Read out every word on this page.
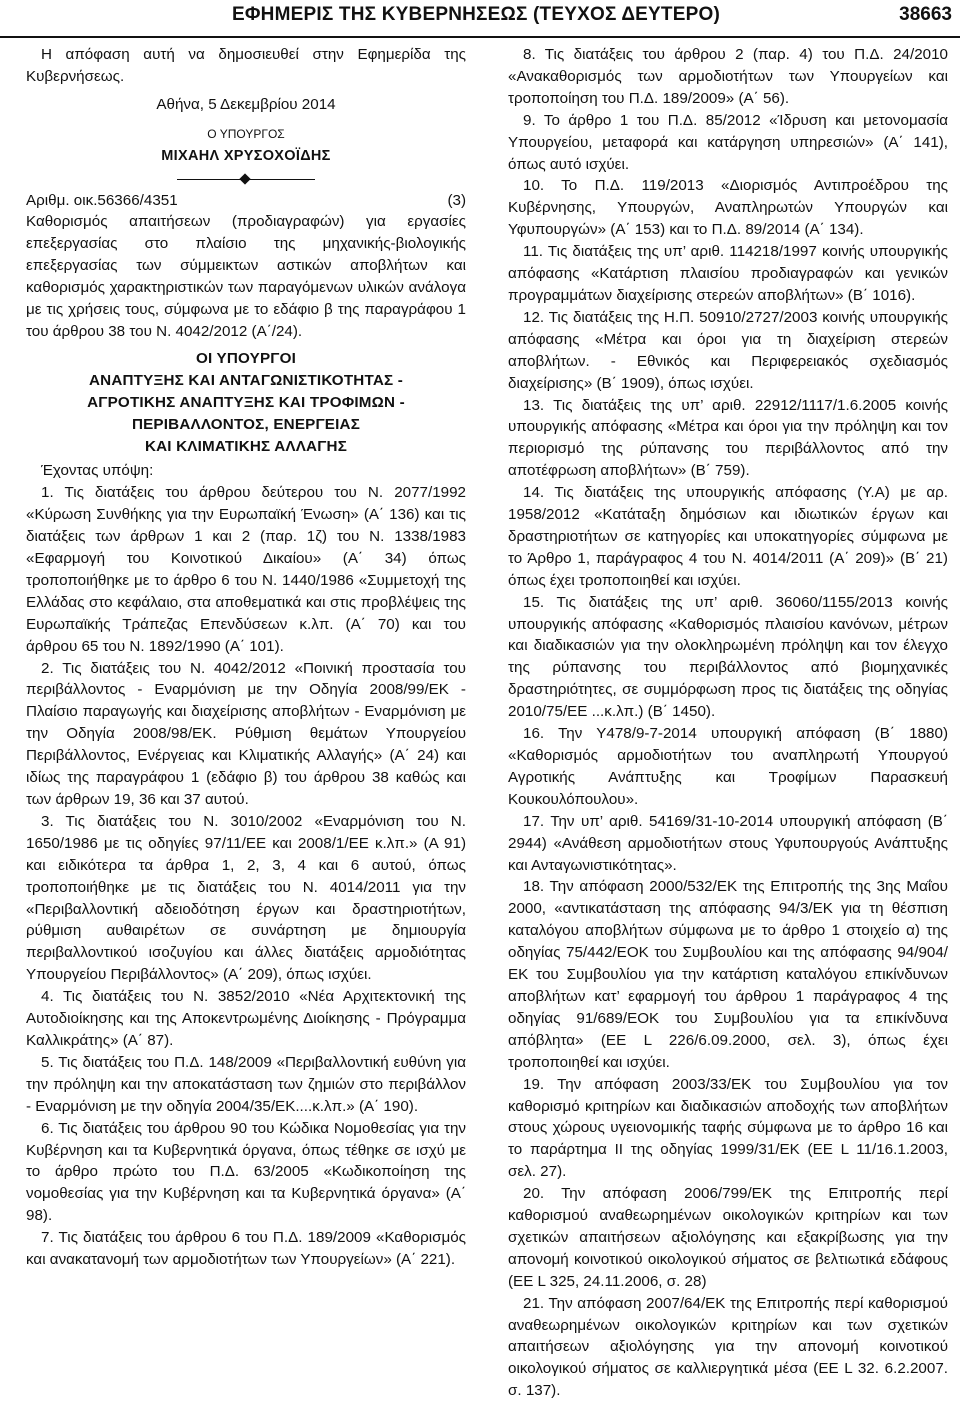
ΕΦΗΜΕΡΙΣ ΤΗΣ ΚΥΒΕΡΝΗΣΕΩΣ (ΤΕΥΧΟΣ ΔΕΥΤΕΡΟ)	38663

Η απόφαση αυτή να δημοσιευθεί στην Εφημερίδα της Κυβερνήσεως.

Αθήνα, 5 Δεκεμβρίου 2014

Ο ΥΠΟΥΡΓΟΣ

ΜΙΧΑΗΛ ΧΡΥΣΟΧΟΪΔΗΣ

Αριθμ. οικ.56366/4351	(3)

Καθορισμός απαιτήσεων (προδιαγραφών) για εργασίες επεξεργασίας στο πλαίσιο της μηχανικής-βιολογικής επεξεργασίας των σύμμεικτων αστικών αποβλήτων και καθορισμός χαρακτηριστικών των παραγόμενων υλικών ανάλογα με τις χρήσεις τους, σύμφωνα με το εδάφιο β της παραγράφου 1 του άρθρου 38 του Ν. 4042/2012 (Α΄/24).

ΟΙ ΥΠΟΥΡΓΟΙ
ΑΝΑΠΤΥΞΗΣ ΚΑΙ ΑΝΤΑΓΩΝΙΣΤΙΚΟΤΗΤΑΣ -
ΑΓΡΟΤΙΚΗΣ ΑΝΑΠΤΥΞΗΣ ΚΑΙ ΤΡΟΦΙΜΩΝ -
ΠΕΡΙΒΑΛΛΟΝΤΟΣ, ΕΝΕΡΓΕΙΑΣ
ΚΑΙ ΚΛΙΜΑΤΙΚΗΣ ΑΛΛΑΓΗΣ

Έχοντας υπόψη:

1. Τις διατάξεις του άρθρου δεύτερου του Ν. 2077/1992 «Κύρωση Συνθήκης για την Ευρωπαϊκή Ένωση» (Α΄ 136) και τις διατάξεις των άρθρων 1 και 2 (παρ. 1ζ) του Ν. 1338/1983 «Εφαρμογή του Κοινοτικού Δικαίου» (Α΄ 34) όπως τροποποιήθηκε με το άρθρο 6 του Ν. 1440/1986 «Συμμετοχή της Ελλάδας στο κεφάλαιο, στα αποθεματικά και στις προβλέψεις της Ευρωπαϊκής Τράπεζας Επενδύσεων κ.λπ. (Α΄ 70) και του άρθρου 65 του Ν. 1892/1990 (Α΄ 101).

2. Τις διατάξεις του Ν. 4042/2012 «Ποινική προστασία του περιβάλλοντος - Εναρμόνιση με την Οδηγία 2008/99/ΕΚ - Πλαίσιο παραγωγής και διαχείρισης αποβλήτων - Εναρμόνιση με την Οδηγία 2008/98/ΕΚ. Ρύθμιση θεμάτων Υπουργείου Περιβάλλοντος, Ενέργειας και Κλιματικής Αλλαγής» (Α΄ 24) και ιδίως της παραγράφου 1 (εδάφιο β) του άρθρου 38 καθώς και των άρθρων 19, 36 και 37 αυτού.

3. Τις διατάξεις του Ν. 3010/2002 «Εναρμόνιση του Ν. 1650/1986 με τις οδηγίες 97/11/ΕΕ και 2008/1/ΕΕ κ.λπ.» (Α 91) και ειδικότερα τα άρθρα 1, 2, 3, 4 και 6 αυτού, όπως τροποποιήθηκε με τις διατάξεις του Ν. 4014/2011 για την «Περιβαλλοντική αδειοδότηση έργων και δραστηριοτήτων, ρύθμιση αυθαιρέτων σε συνάρτηση με δημιουργία περιβαλλοντικού ισοζυγίου και άλλες διατάξεις αρμοδιότητας Υπουργείου Περιβάλλοντος» (Α΄ 209), όπως ισχύει.

4. Τις διατάξεις του Ν. 3852/2010 «Νέα Αρχιτεκτονική της Αυτοδιοίκησης και της Αποκεντρωμένης Διοίκησης - Πρόγραμμα Καλλικράτης» (Α΄ 87).

5. Τις διατάξεις του Π.Δ. 148/2009 «Περιβαλλοντική ευθύνη για την πρόληψη και την αποκατάσταση των ζημιών στο περιβάλλον - Εναρμόνιση με την οδηγία 2004/35/ΕΚ....κ.λπ.» (Α΄ 190).

6. Τις διατάξεις του άρθρου 90 του Κώδικα Νομοθεσίας για την Κυβέρνηση και τα Κυβερνητικά όργανα, όπως τέθηκε σε ισχύ με το άρθρο πρώτο του Π.Δ. 63/2005 «Κωδικοποίηση της νομοθεσίας για την Κυβέρνηση και τα Κυβερνητικά όργανα» (Α΄ 98).

7. Τις διατάξεις του άρθρου 6 του Π.Δ. 189/2009 «Καθορισμός και ανακατανομή των αρμοδιοτήτων των Υπουργείων» (Α΄ 221).

8. Τις διατάξεις του άρθρου 2 (παρ. 4) του Π.Δ. 24/2010 «Ανακαθορισμός των αρμοδιοτήτων των Υπουργείων και τροποποίηση του Π.Δ. 189/2009» (Α΄ 56).

9. Το άρθρο 1 του Π.Δ. 85/2012 «Ίδρυση και μετονομασία Υπουργείου, μεταφορά και κατάργηση υπηρεσιών» (Α΄ 141), όπως αυτό ισχύει.

10. Το Π.Δ. 119/2013 «Διορισμός Αντιπροέδρου της Κυβέρνησης, Υπουργών, Αναπληρωτών Υπουργών και Υφυπουργών» (Α΄ 153) και το Π.Δ. 89/2014 (Α΄ 134).

11. Τις διατάξεις της υπ’ αριθ. 114218/1997 κοινής υπουργικής απόφασης «Κατάρτιση πλαισίου προδιαγραφών και γενικών προγραμμάτων διαχείρισης στερεών αποβλήτων» (Β΄ 1016).

12. Τις διατάξεις της Η.Π. 50910/2727/2003 κοινής υπουργικής απόφασης «Μέτρα και όροι για τη διαχείριση στερεών αποβλήτων. - Εθνικός και Περιφερειακός σχεδιασμός διαχείρισης» (Β΄ 1909), όπως ισχύει.

13. Τις διατάξεις της υπ’ αριθ. 22912/1117/1.6.2005 κοινής υπουργικής απόφασης «Μέτρα και όροι για την πρόληψη και τον περιορισμό της ρύπανσης του περιβάλλοντος από την αποτέφρωση αποβλήτων» (Β΄ 759).

14. Τις διατάξεις της υπουργικής απόφασης (Υ.Α) με αρ. 1958/2012 «Κατάταξη δημόσιων και ιδιωτικών έργων και δραστηριοτήτων σε κατηγορίες και υποκατηγορίες σύμφωνα με το Άρθρο 1, παράγραφος 4 του Ν. 4014/2011 (Α΄ 209)» (Β΄ 21) όπως έχει τροποποιηθεί και ισχύει.

15. Τις διατάξεις της υπ’ αριθ. 36060/1155/2013 κοινής υπουργικής απόφασης «Καθορισμός πλαισίου κανόνων, μέτρων και διαδικασιών για την ολοκληρωμένη πρόληψη και τον έλεγχο της ρύπανσης του περιβάλλοντος από βιομηχανικές δραστηριότητες, σε συμμόρφωση προς τις διατάξεις της οδηγίας 2010/75/ΕΕ ...κ.λπ.) (Β΄ 1450).

16. Την Υ478/9-7-2014 υπουργική απόφαση (Β΄ 1880) «Καθορισμός αρμοδιοτήτων του αναπληρωτή Υπουργού Αγροτικής Ανάπτυξης και Τροφίμων Παρασκευή Κουκουλόπουλου».

17. Την υπ’ αριθ. 54169/31-10-2014 υπουργική απόφαση (Β΄ 2944) «Ανάθεση αρμοδιοτήτων στους Υφυπουργούς Ανάπτυξης και Ανταγωνιστικότητας».

18. Την απόφαση 2000/532/ΕΚ της Επιτροπής της 3ης Μαΐου 2000, «αντικατάσταση της απόφασης 94/3/ΕΚ για τη θέσπιση καταλόγου αποβλήτων σύμφωνα με το άρθρο 1 στοιχείο α) της οδηγίας 75/442/ΕΟΚ του Συμβουλίου και της απόφασης 94/904/ΕΚ του Συμβουλίου για την κατάρτιση καταλόγου επικίνδυνων αποβλήτων κατ’ εφαρμογή του άρθρου 1 παράγραφος 4 της οδηγίας 91/689/ΕΟΚ του Συμβουλίου για τα επικίνδυνα απόβλητα» (ΕΕ L 226/6.09.2000, σελ. 3), όπως έχει τροποποιηθεί και ισχύει.

19. Την απόφαση 2003/33/ΕΚ του Συμβουλίου για τον καθορισμό κριτηρίων και διαδικασιών αποδοχής των αποβλήτων στους χώρους υγειονομικής ταφής σύμφωνα με το άρθρο 16 και το παράρτημα ΙΙ της οδηγίας 1999/31/ΕΚ (ΕΕ L 11/16.1.2003, σελ. 27).

20. Την απόφαση 2006/799/ΕΚ της Επιτροπής περί καθορισμού αναθεωρημένων οικολογικών κριτηρίων και των σχετικών απαιτήσεων αξιολόγησης και εξακρίβωσης για την απονομή κοινοτικού οικολογικού σήματος σε βελτιωτικά εδάφους (ΕΕ L 325, 24.11.2006, σ. 28)

21. Την απόφαση 2007/64/ΕΚ της Επιτροπής περί καθορισμού αναθεωρημένων οικολογικών κριτηρίων και των σχετικών απαιτήσεων αξιολόγησης για την απονομή κοινοτικού οικολογικού σήματος σε καλλιεργητικά μέσα (ΕΕ L 32. 6.2.2007. σ. 137).
